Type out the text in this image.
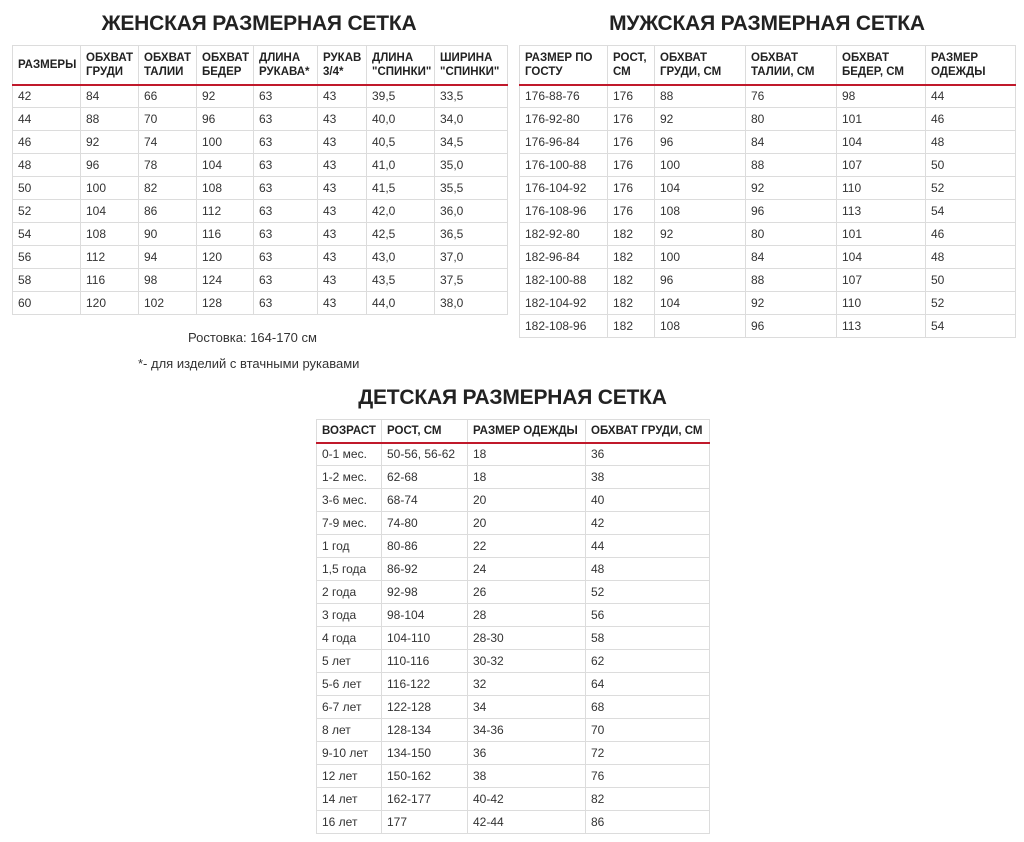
ЖЕНСКАЯ РАЗМЕРНАЯ СЕТКА
РАЗМЕРЫ	ОБХВАТ ГРУДИ	ОБХВАТ ТАЛИИ	ОБХВАТ БЕДЕР	ДЛИНА РУКАВА*	РУКАВ 3/4*	ДЛИНА "СПИНКИ"	ШИРИНА "СПИНКИ"
42	84	66	92	63	43	39,5	33,5
44	88	70	96	63	43	40,0	34,0
46	92	74	100	63	43	40,5	34,5
48	96	78	104	63	43	41,0	35,0
50	100	82	108	63	43	41,5	35,5
52	104	86	112	63	43	42,0	36,0
54	108	90	116	63	43	42,5	36,5
56	112	94	120	63	43	43,0	37,0
58	116	98	124	63	43	43,5	37,5
60	120	102	128	63	43	44,0	38,0
Ростовка: 164-170 см
*- для изделий с втачными рукавами
МУЖСКАЯ РАЗМЕРНАЯ СЕТКА
РАЗМЕР ПО ГОСТУ	РОСТ, СМ	ОБХВАТ ГРУДИ, СМ	ОБХВАТ ТАЛИИ, СМ	ОБХВАТ БЕДЕР, СМ	РАЗМЕР ОДЕЖДЫ
176-88-76	176	88	76	98	44
176-92-80	176	92	80	101	46
176-96-84	176	96	84	104	48
176-100-88	176	100	88	107	50
176-104-92	176	104	92	110	52
176-108-96	176	108	96	113	54
182-92-80	182	92	80	101	46
182-96-84	182	100	84	104	48
182-100-88	182	96	88	107	50
182-104-92	182	104	92	110	52
182-108-96	182	108	96	113	54
ДЕТСКАЯ РАЗМЕРНАЯ СЕТКА
ВОЗРАСТ	РОСТ, СМ	РАЗМЕР ОДЕЖДЫ	ОБХВАТ ГРУДИ, СМ
0-1 мес.	50-56, 56-62	18	36
1-2 мес.	62-68	18	38
3-6 мес.	68-74	20	40
7-9 мес.	74-80	20	42
1 год	80-86	22	44
1,5 года	86-92	24	48
2 года	92-98	26	52
3 года	98-104	28	56
4 года	104-110	28-30	58
5 лет	110-116	30-32	62
5-6 лет	116-122	32	64
6-7 лет	122-128	34	68
8 лет	128-134	34-36	70
9-10 лет	134-150	36	72
12 лет	150-162	38	76
14 лет	162-177	40-42	82
16 лет	177	42-44	86
